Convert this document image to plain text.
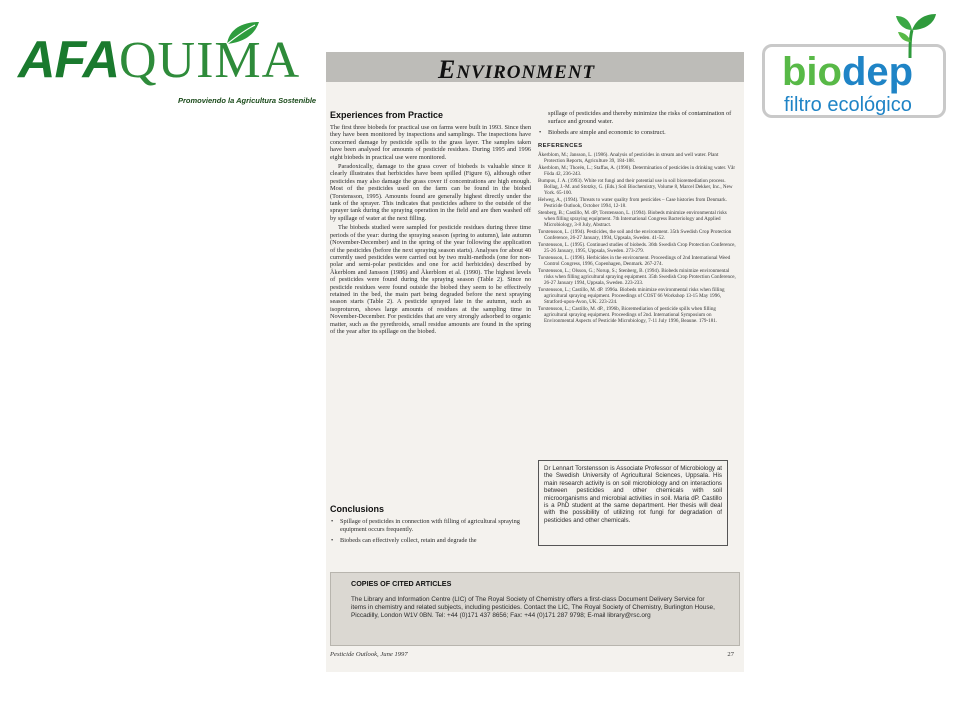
AFAQUIMA
Promoviendo la Agricultura Sostenible
biodep
filtro ecológico
ENVIRONMENT
Experiences from Practice

The first three biobeds for practical use on farms were built in 1993. Since then they have been monitored by inspections and samplings. The inspections have concerned damage by pesticide spills to the grass layer. The samples taken have been analysed for amounts of pesticide residues. During 1995 and 1996 eight biobeds in practical use were monitored.

Paradoxically, damage to the grass cover of biobeds is valuable since it clearly illustrates that herbicides have been spilled (Figure 6), although other pesticides may also damage the grass cover if concentrations are high enough. Most of the pesticides used on the farm can be found in the biobed (Torstensson, 1995). Amounts found are generally highest directly under the tank of the sprayer. This indicates that pesticides adhere to the outside of the sprayer tank during the spraying operation in the field and are then washed off by spillage of water at the next filling.

The biobeds studied were sampled for pesticide residues during three time periods of the year: during the spraying season (spring to autumn), late autumn (November-December) and in the spring of the year following the application of the pesticides (before the next spraying season starts). Analyses for about 40 currently used pesticides were carried out by two multi-methods (one for non-polar and semi-polar pesticides and one for acid herbicides) described by Åkerblom and Jansson (1986) and Åkerblom et al. (1990). The highest levels of pesticides were found during the spraying season (Table 2). Since no pesticide residues were found outside the biobed they seem to be effectively retained in the bed, the main part being degraded before the next spraying season starts (Table 2). A pesticide sprayed late in the autumn, such as isoproturon, shows large amounts of residues at the sampling time in November-December. For pesticides that are very strongly adsorbed to organic matter, such as the pyrethroids, small residue amounts are found in the spring of the year after its spillage on the biobed.

Conclusions
• Spillage of pesticides in connection with filling of agricultural spraying equipment occurs frequently.
• Biobeds can effectively collect, retain and degrade the
spillage of pesticides and thereby minimize the risks of contamination of surface and ground water.
• Biobeds are simple and economic to construct.
REFERENCES
Åkerblom, M.; Jansson, L. (1986). Analysis of pesticides in stream and well water. Plant Protection Reports, Agriculture 39, 184-188.
Åkerblom, M.; Thorén, L.; Staffas, A. (1990). Determination of pesticides in drinking water. Vår Föda 42, 236-243.
Bumpus, J. A. (1993). White rot fungi and their potential use in soil bioremediation process. Bollag, J.-M. and Stotzky, G. (Eds.) Soil Biochemistry, Volume 8, Marcel Dekker, Inc., New York. 65-100.
Helweg, A., (1994). Threats to water quality from pesticides – Case histories from Denmark. Pesticide Outlook, October 1994, 12-18.
Stenberg, B.; Castillo, M. dP; Torstensson, L. (1994). Biobeds minimize environmental risks when filling spraying equipment. 7th International Congress Bacteriology and Applied Microbiology, 3-8 July, Abstract.
Torstensson, L. (1994). Pesticides, the soil and the environment. 35th Swedish Crop Protection Conference, 26-27 January, 1994, Uppsala, Sweden. 41-52.
Torstensson, L. (1995). Continued studies of biobeds. 36th Swedish Crop Protection Conference, 25-26 January, 1995, Uppsala, Sweden. 273-279.
Torstensson, L. (1996). Herbicides in the environment. Proceedings of 2nd International Weed Control Congress, 1996, Copenhagen, Denmark. 267-274.
Torstensson, L.; Olsson, G.; Norup, S.; Stenberg, B. (1994). Biobeds minimize environmental risks when filling agricultural spraying equipment. 35th Swedish Crop Protection Conference, 26-27 January 1994, Uppsala, Sweden. 223-233.
Torstensson, L.; Castillo, M. dP. 1996a. Biobeds minimize environmental risks when filling agricultural spraying equipment. Proceedings of COST 66 Workshop 13-15 May 1996, Stratford-upon-Avon, UK. 223-224.
Torstensson, L.; Castillo, M. dP., 1996b, Bioremediation of pesticide spills when filling agricultural spraying equipment. Proceedings of 2nd. International Symposium on Environmental Aspects of Pesticide Microbiology, 7-11 July 1996, Beaune. 179-181.
Dr Lennart Torstensson is Associate Professor of Microbiology at the Swedish University of Agricultural Sciences, Uppsala. His main research activity is on soil microbiology and on interactions between pesticides and other chemicals with soil microorganisms and microbial activities in soil. Maria dP. Castillo is a PhD student at the same department. Her thesis will deal with the possibility of utilizing rot fungi for degradation of pesticides and other chemicals.
COPIES OF CITED ARTICLES
The Library and Information Centre (LIC) of The Royal Society of Chemistry offers a first-class Document Delivery Service for items in chemistry and related subjects, including pesticides. Contact the LIC, The Royal Society of Chemistry, Burlington House, Piccadilly, London W1V 0BN. Tel: +44 (0)171 437 8656; Fax: +44 (0)171 287 9798; E-mail library@rsc.org
Pesticide Outlook, June 1997	27
